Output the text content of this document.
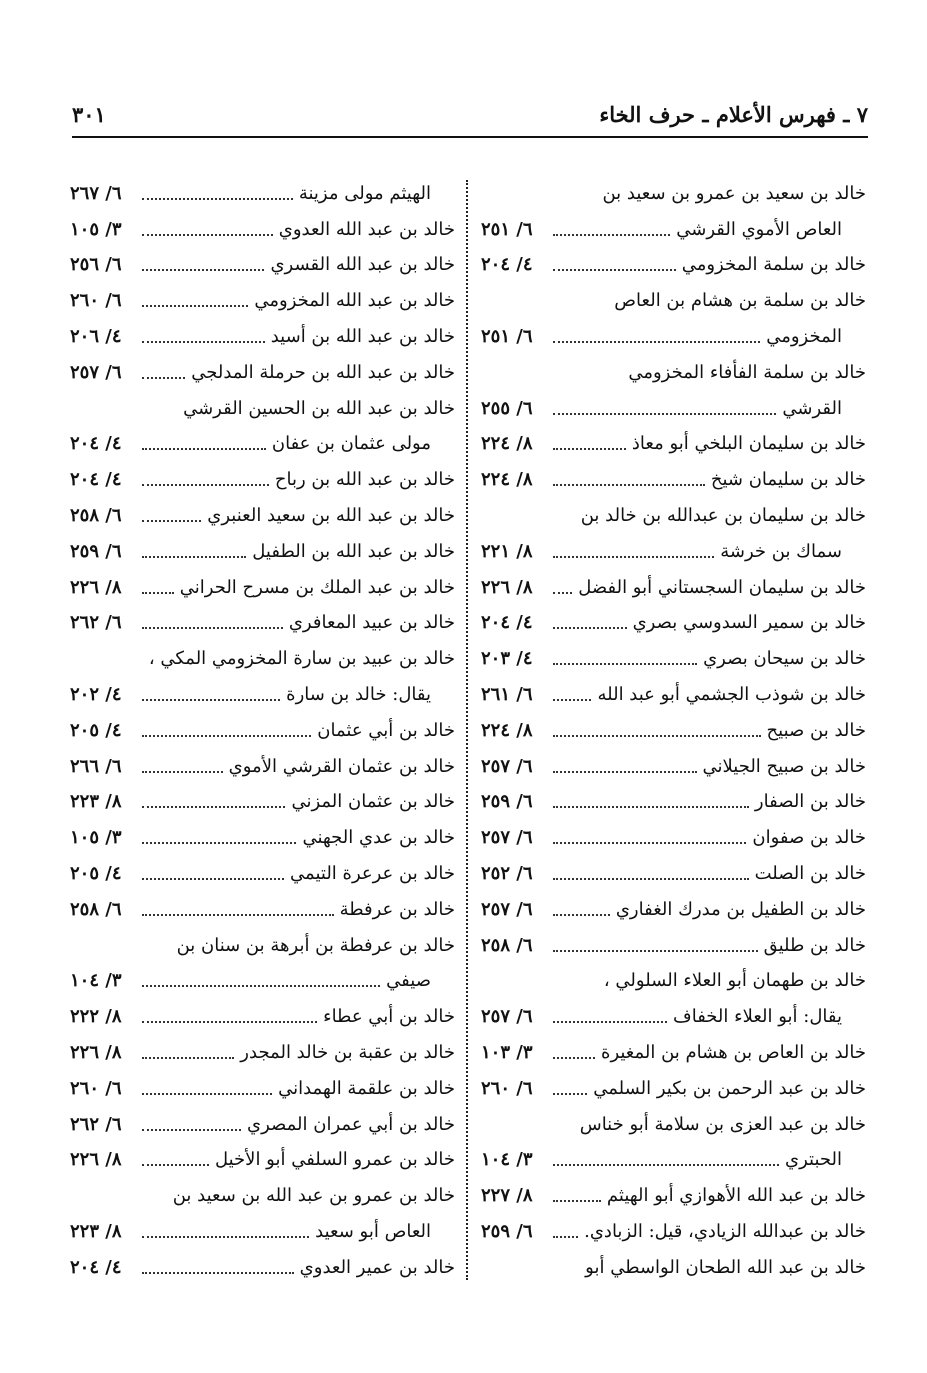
٧ ـ فهرس الأعلام ـ حرف الخاء
٣٠١
خالد بن سعيد بن عمرو بن سعيد بن
العاص الأموي القرشي
٦/ ٢٥١
خالد بن سلمة المخزومي
٤/ ٢٠٤
خالد بن سلمة بن هشام بن العاص
المخزومي
٦/ ٢٥١
خالد بن سلمة الفأفاء المخزومي
القرشي
٦/ ٢٥٥
خالد بن سليمان البلخي أبو معاذ
٨/ ٢٢٤
خالد بن سليمان شيخ
٨/ ٢٢٤
خالد بن سليمان بن عبدالله بن خالد بن
سماك بن خرشة
٨/ ٢٢١
خالد بن سليمان السجستاني أبو الفضل
٨/ ٢٢٦
خالد بن سمير السدوسي بصري
٤/ ٢٠٤
خالد بن سيحان بصري
٤/ ٢٠٣
خالد بن شوذب الجشمي أبو عبد الله
٦/ ٢٦١
خالد بن صبيح
٨/ ٢٢٤
خالد بن صبيح الجيلاني
٦/ ٢٥٧
خالد بن الصفار
٦/ ٢٥٩
خالد بن صفوان
٦/ ٢٥٧
خالد بن الصلت
٦/ ٢٥٢
خالد بن الطفيل بن مدرك الغفاري
٦/ ٢٥٧
خالد بن طليق
٦/ ٢٥٨
خالد بن طهمان أبو العلاء السلولي ،
يقال: أبو العلاء الخفاف
٦/ ٢٥٧
خالد بن العاص بن هشام بن المغيرة
٣/ ١٠٣
خالد بن عبد الرحمن بن بكير السلمي
٦/ ٢٦٠
خالد بن عبد العزى بن سلامة أبو خناس
الحبتري
٣/ ١٠٤
خالد بن عبد الله الأهوازي أبو الهيثم
٨/ ٢٢٧
خالد بن عبدالله الزيادي، قيل: الزبادي.
٦/ ٢٥٩
خالد بن عبد الله الطحان الواسطي أبو
الهيثم مولى مزينة
٦/ ٢٦٧
خالد بن عبد الله العدوي
٣/ ١٠٥
خالد بن عبد الله القسري
٦/ ٢٥٦
خالد بن عبد الله المخزومي
٦/ ٢٦٠
خالد بن عبد الله بن أسيد
٤/ ٢٠٦
خالد بن عبد الله بن حرملة المدلجي
٦/ ٢٥٧
خالد بن عبد الله بن الحسين القرشي
مولى عثمان بن عفان
٤/ ٢٠٤
خالد بن عبد الله بن رباح
٤/ ٢٠٤
خالد بن عبد الله بن سعيد العنبري
٦/ ٢٥٨
خالد بن عبد الله بن الطفيل
٦/ ٢٥٩
خالد بن عبد الملك بن مسرح الحراني
٨/ ٢٢٦
خالد بن عبيد المعافري
٦/ ٢٦٢
خالد بن عبيد بن سارة المخزومي المكي ،
يقال: خالد بن سارة
٤/ ٢٠٢
خالد بن أبي عثمان
٤/ ٢٠٥
خالد بن عثمان القرشي الأموي
٦/ ٢٦٦
خالد بن عثمان المزني
٨/ ٢٢٣
خالد بن عدي الجهني
٣/ ١٠٥
خالد بن عرعرة التيمي
٤/ ٢٠٥
خالد بن عرفطة
٦/ ٢٥٨
خالد بن عرفطة بن أبرهة بن سنان بن
صيفي
٣/ ١٠٤
خالد بن أبي عطاء
٨/ ٢٢٢
خالد بن عقبة بن خالد المجدر
٨/ ٢٢٦
خالد بن علقمة الهمداني
٦/ ٢٦٠
خالد بن أبي عمران المصري
٦/ ٢٦٢
خالد بن عمرو السلفي أبو الأخيل
٨/ ٢٢٦
خالد بن عمرو بن عبد الله بن سعيد بن
العاص أبو سعيد
٨/ ٢٢٣
خالد بن عمير العدوي
٤/ ٢٠٤
